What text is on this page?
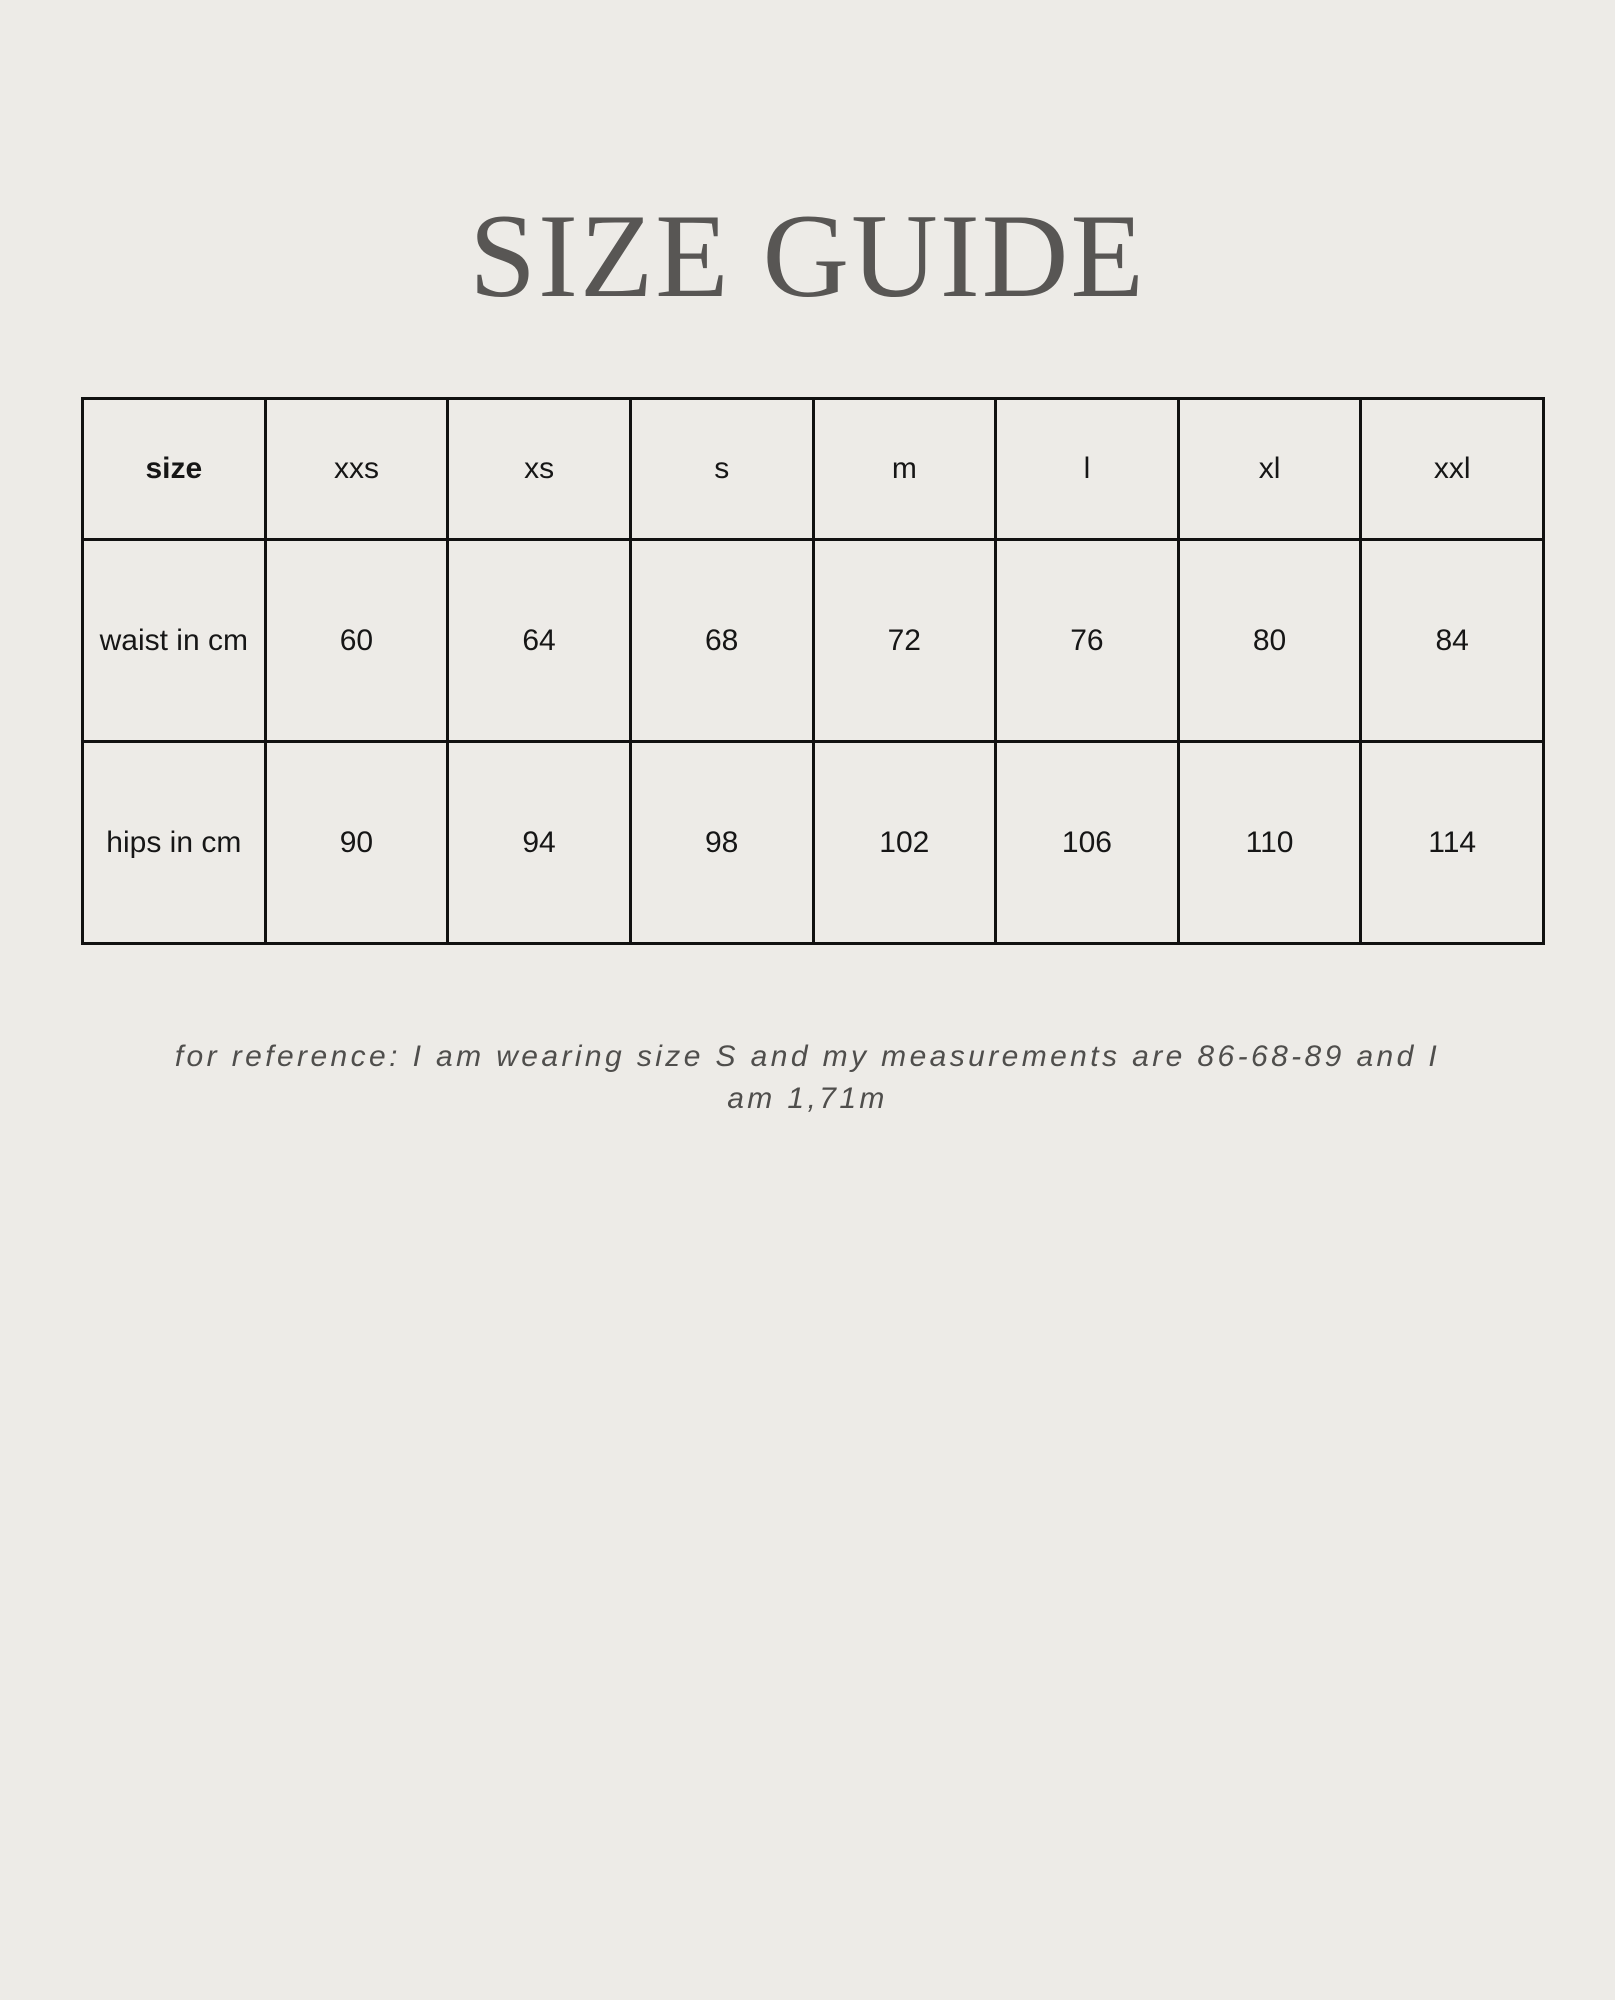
SIZE GUIDE
size	xxs	xs	s	m	l	xl	xxl
waist in cm	60	64	68	72	76	80	84
hips in cm	90	94	98	102	106	110	114

for reference: I am wearing size S and my measurements are 86-68-89 and I am 1,71m
